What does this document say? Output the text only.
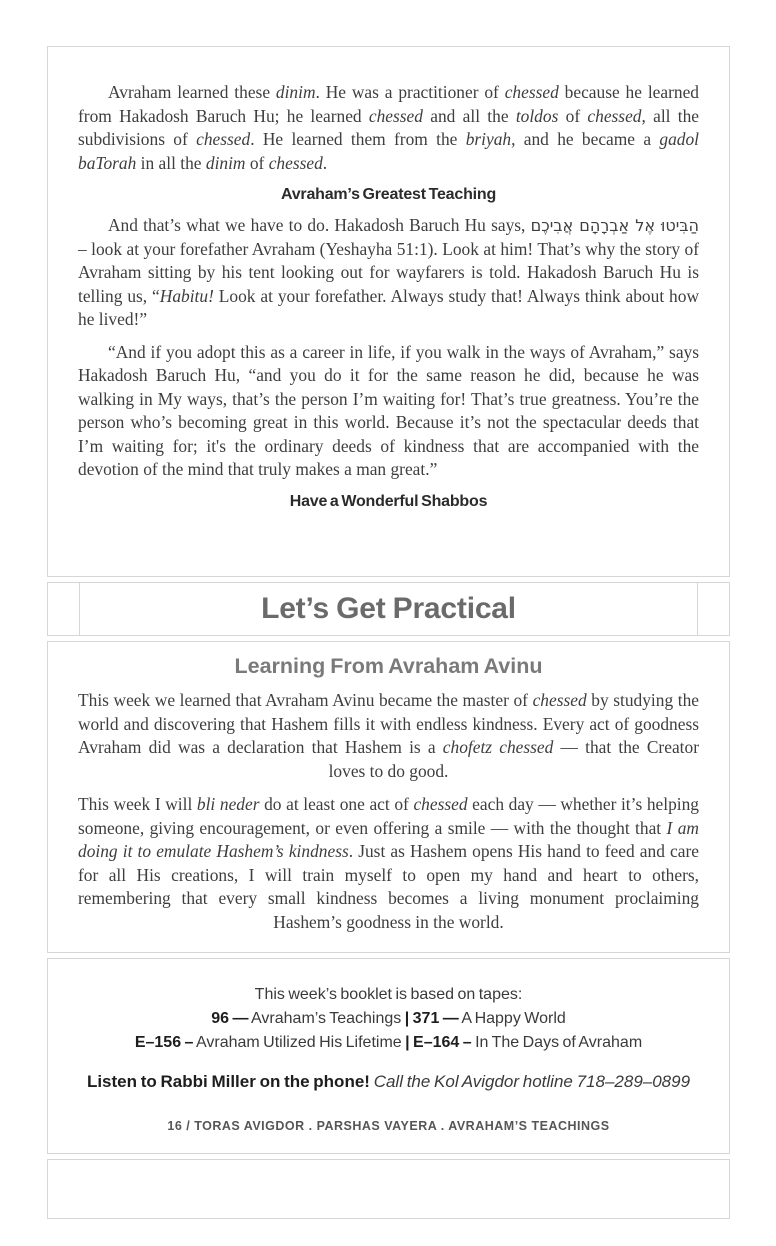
Avraham learned these dinim. He was a practitioner of chessed because he learned from Hakadosh Baruch Hu; he learned chessed and all the toldos of chessed, all the subdivisions of chessed. He learned them from the briyah, and he became a gadol baTorah in all the dinim of chessed.

Avraham’s Greatest Teaching

And that’s what we have to do. Hakadosh Baruch Hu says, הַבִּיטוּ אֶל אַבְרָהָם אֲבִיכֶם – look at your forefather Avraham (Yeshayha 51:1). Look at him! That’s why the story of Avraham sitting by his tent looking out for wayfarers is told. Hakadosh Baruch Hu is telling us, “Habitu! Look at your forefather. Always study that! Always think about how he lived!”

“And if you adopt this as a career in life, if you walk in the ways of Avraham,” says Hakadosh Baruch Hu, “and you do it for the same reason he did, because he was walking in My ways, that’s the person I’m waiting for! That’s true greatness. You’re the person who’s becoming great in this world. Because it’s not the spectacular deeds that I’m waiting for; it's the ordinary deeds of kindness that are accompanied with the devotion of the mind that truly makes a man great.”

Have a Wonderful Shabbos
Let’s Get Practical
Learning From Avraham Avinu

This week we learned that Avraham Avinu became the master of chessed by studying the world and discovering that Hashem fills it with endless kindness. Every act of goodness Avraham did was a declaration that Hashem is a chofetz chessed — that the Creator loves to do good.

This week I will bli neder do at least one act of chessed each day — whether it’s helping someone, giving encouragement, or even offering a smile — with the thought that I am doing it to emulate Hashem’s kindness. Just as Hashem opens His hand to feed and care for all His creations, I will train myself to open my hand and heart to others, remembering that every small kindness becomes a living monument proclaiming Hashem’s goodness in the world.

This week’s booklet is based on tapes:

96 — Avraham’s Teachings | 371 — A Happy World

E–156 – Avraham Utilized His Lifetime | E–164 – In The Days of Avraham

Listen to Rabbi Miller on the phone! Call the Kol Avigdor hotline 718–289–0899

16 / TORAS AVIGDOR . PARSHAS VAYERA . AVRAHAM’S TEACHINGS
